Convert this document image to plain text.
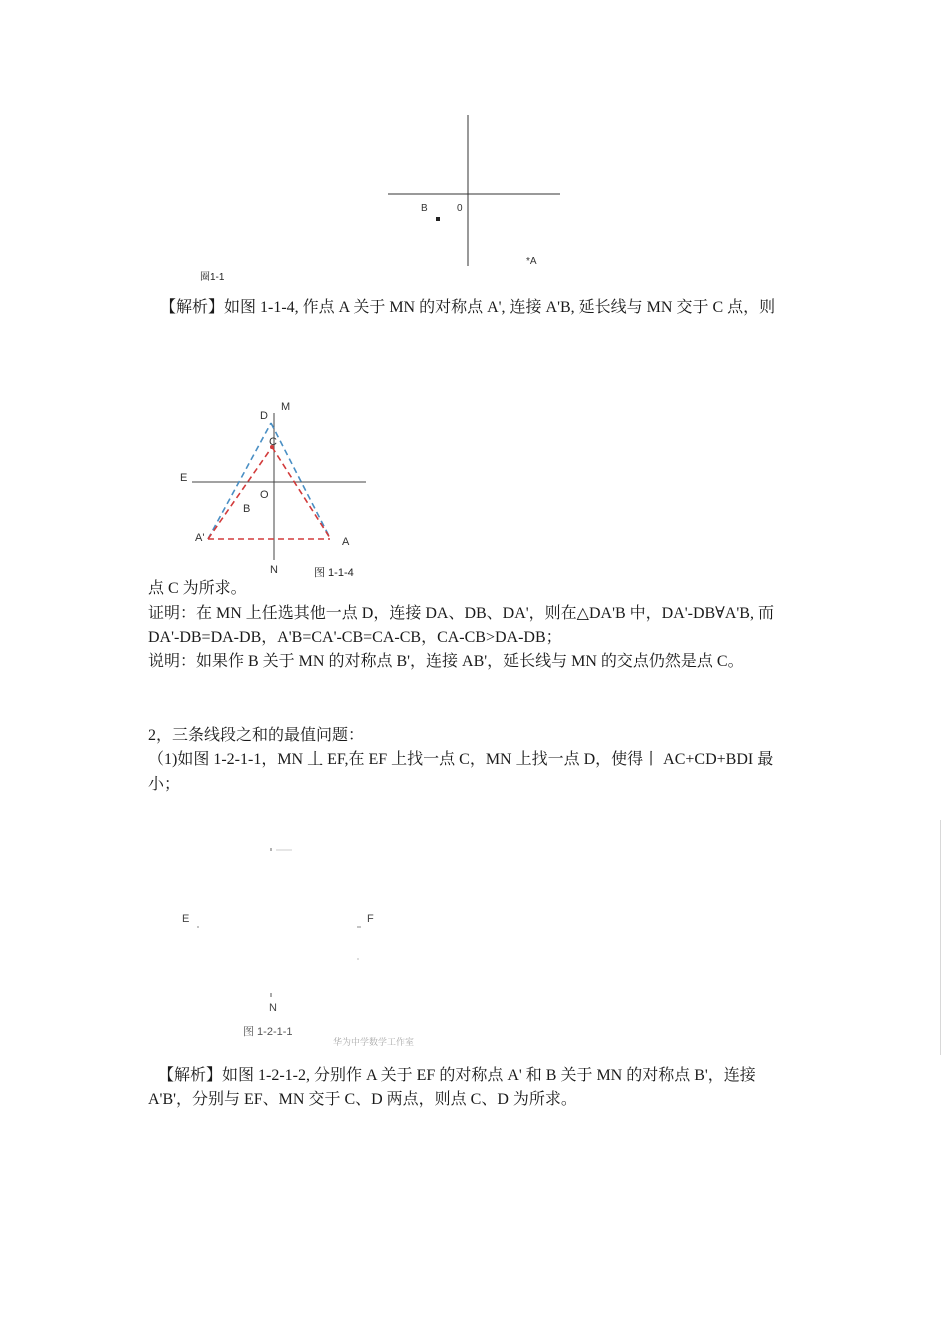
B	0
*A
圈1-1
【解析】如图 1-1-4, 作点 A 关于 MN 的对称点 A', 连接 A'B, 延长线与 MN 交于 C 点，则
D
M
C
E
O
B
A'	A
N	图 1-1-4
点 C 为所求。
证明：在 MN 上任选其他一点 D，连接 DA、DB、DA'，则在△DA'B 中，DA'-DB∀A'B, 而
DA'-DB=DA-DB，A'B=CA'-CB=CA-CB，CA-CB>DA-DB；
说明：如果作 B 关于 MN 的对称点 B'，连接 AB'，延长线与 MN 的交点仍然是点 C。
2，三条线段之和的最值问题：
（1)如图 1-2-1-1，MN 丄 EF,在 EF 上找一点 C，MN 上找一点 D，使得丨 AC+CD+BDI 最
小；
E	F
N
图 1-2-1-1
华为中学数学工作室
【解析】如图 1-2-1-2, 分别作 A 关于 EF 的对称点 A' 和 B 关于 MN 的对称点 B'，连接
A'B'，分别与 EF、MN 交于 C、D 两点，则点 C、D 为所求。
